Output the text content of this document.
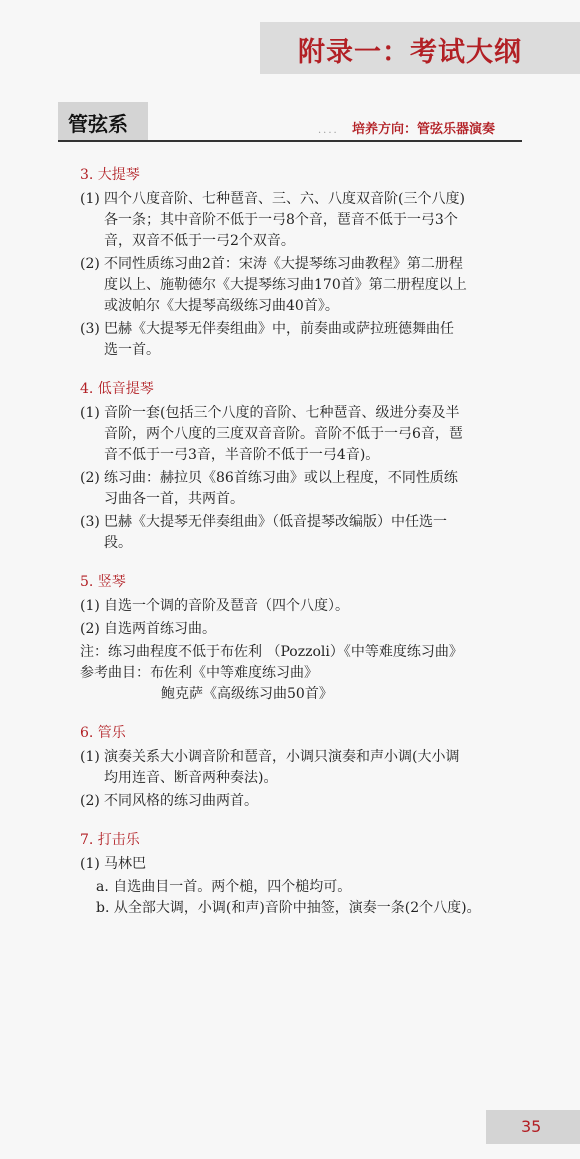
附录一：考试大纲
管弦系	.... 培养方向：管弦乐器演奏
3. 大提琴
(1) 四个八度音阶、七种琶音、三、六、八度双音阶(三个八度)
各一条；其中音阶不低于一弓8个音，琶音不低于一弓3个
音，双音不低于一弓2个双音。
(2) 不同性质练习曲2首：宋涛《大提琴练习曲教程》第二册程
度以上、施勒德尔《大提琴练习曲170首》第二册程度以上
或波帕尔《大提琴高级练习曲40首》。
(3) 巴赫《大提琴无伴奏组曲》中，前奏曲或萨拉班德舞曲任
选一首。
4. 低音提琴
(1) 音阶一套(包括三个八度的音阶、七种琶音、级进分奏及半
音阶，两个八度的三度双音音阶。音阶不低于一弓6音，琶
音不低于一弓3音，半音阶不低于一弓4音)。
(2) 练习曲：赫拉贝《86首练习曲》或以上程度，不同性质练
习曲各一首，共两首。
(3) 巴赫《大提琴无伴奏组曲》（低音提琴改编版）中任选一
段。
5. 竖琴
(1) 自选一个调的音阶及琶音（四个八度）。
(2) 自选两首练习曲。
注：练习曲程度不低于布佐利 （Pozzoli）《中等难度练习曲》
参考曲目：布佐利《中等难度练习曲》
鲍克萨《高级练习曲50首》
6. 管乐
(1) 演奏关系大小调音阶和琶音，小调只演奏和声小调(大小调
均用连音、断音两种奏法)。
(2) 不同风格的练习曲两首。
7. 打击乐
(1) 马林巴
a. 自选曲目一首。两个槌，四个槌均可。
b. 从全部大调，小调(和声)音阶中抽签，演奏一条(2个八度)。
35
